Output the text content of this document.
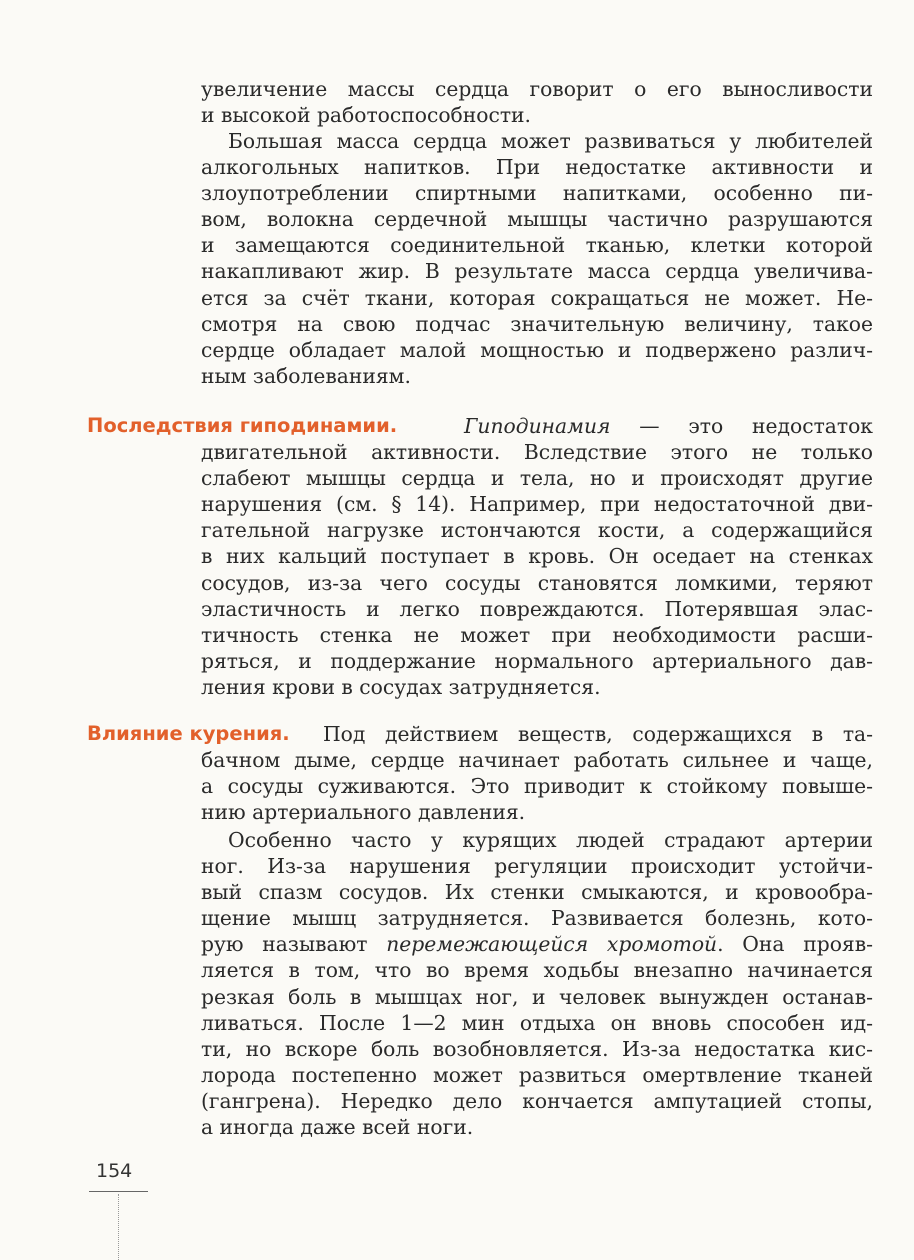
увеличение массы сердца говорит о его выносливости
и высокой работоспособности.
Большая масса сердца может развиваться у любителей
алкогольных напитков. При недостатке активности и
злоупотреблении спиртными напитками, особенно пи-
вом, волокна сердечной мышцы частично разрушаются
и замещаются соединительной тканью, клетки которой
накапливают жир. В результате масса сердца увеличива-
ется за счёт ткани, которая сокращаться не может. Не-
смотря на свою подчас значительную величину, такое
сердце обладает малой мощностью и подвержено различ-
ным заболеваниям.
Последствия гиподинамии.	Гиподинамия — это недостаток
двигательной активности. Вследствие этого не только
слабеют мышцы сердца и тела, но и происходят другие
нарушения (см. § 14). Например, при недостаточной дви-
гательной нагрузке истончаются кости, а содержащийся
в них кальций поступает в кровь. Он оседает на стенках
сосудов, из-за чего сосуды становятся ломкими, теряют
эластичность и легко повреждаются. Потерявшая элас-
тичность стенка не может при необходимости расши-
ряться, и поддержание нормального артериального дав-
ления крови в сосудах затрудняется.
Влияние курения. Под действием веществ, содержащихся в та-
бачном дыме, сердце начинает работать сильнее и чаще,
а сосуды суживаются. Это приводит к стойкому повыше-
нию артериального давления.
Особенно часто у курящих людей страдают артерии
ног. Из-за нарушения регуляции происходит устойчи-
вый спазм сосудов. Их стенки смыкаются, и кровообра-
щение мышц затрудняется. Развивается болезнь, кото-
рую называют перемежающейся хромотой. Она прояв-
ляется в том, что во время ходьбы внезапно начинается
резкая боль в мышцах ног, и человек вынужден останав-
ливаться. После 1—2 мин отдыха он вновь способен ид-
ти, но вскоре боль возобновляется. Из-за недостатка кис-
лорода постепенно может развиться омертвление тканей
(гангрена). Нередко дело кончается ампутацией стопы,
а иногда даже всей ноги.
154
